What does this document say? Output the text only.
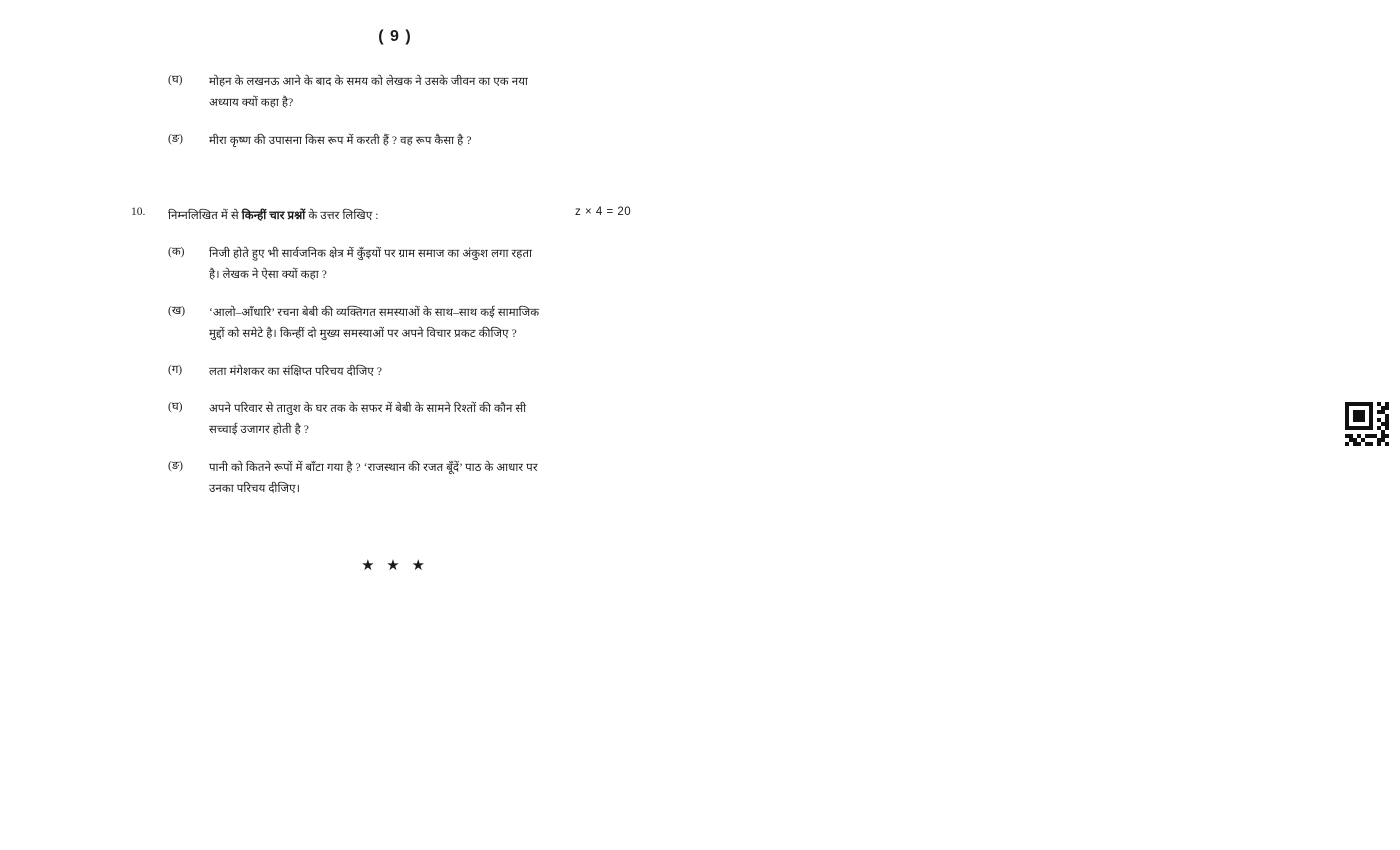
( 9 )
(घ) मोहन के लखनऊ आने के बाद के समय को लेखक ने उसके जीवन का एक नया
अध्याय क्यों कहा है?
(ङ) मीरा कृष्ण की उपासना किस रूप में करती हैं ? वह रूप कैसा है ?
10. निम्नलिखित में से किन्हीं चार प्रश्नों के उत्तर लिखिए :	z × 4 = 20
(क) निजी होते हुए भी सार्वजनिक क्षेत्र में कुँइयों पर ग्राम समाज का अंकुश लगा रहता
है। लेखक ने ऐसा क्यों कहा ?
(ख) ‘आलो–आँधारि’ रचना बेबी की व्यक्तिगत समस्याओं के साथ–साथ कई सामाजिक
मुद्दों को समेटे है। किन्हीं दो मुख्य समस्याओं पर अपने विचार प्रकट कीजिए ?
(ग) लता मंगेशकर का संक्षिप्त परिचय दीजिए ?
(घ) अपने परिवार से तातुश के घर तक के सफर में बेबी के सामने रिश्तों की कौन सी
सच्चाई उजागर होती है ?
(ङ) पानी को कितने रूपों में बाँटा गया है ? ‘राजस्थान की रजत बूँदें’ पाठ के आधार पर
उनका परिचय दीजिए।
★ ★ ★
